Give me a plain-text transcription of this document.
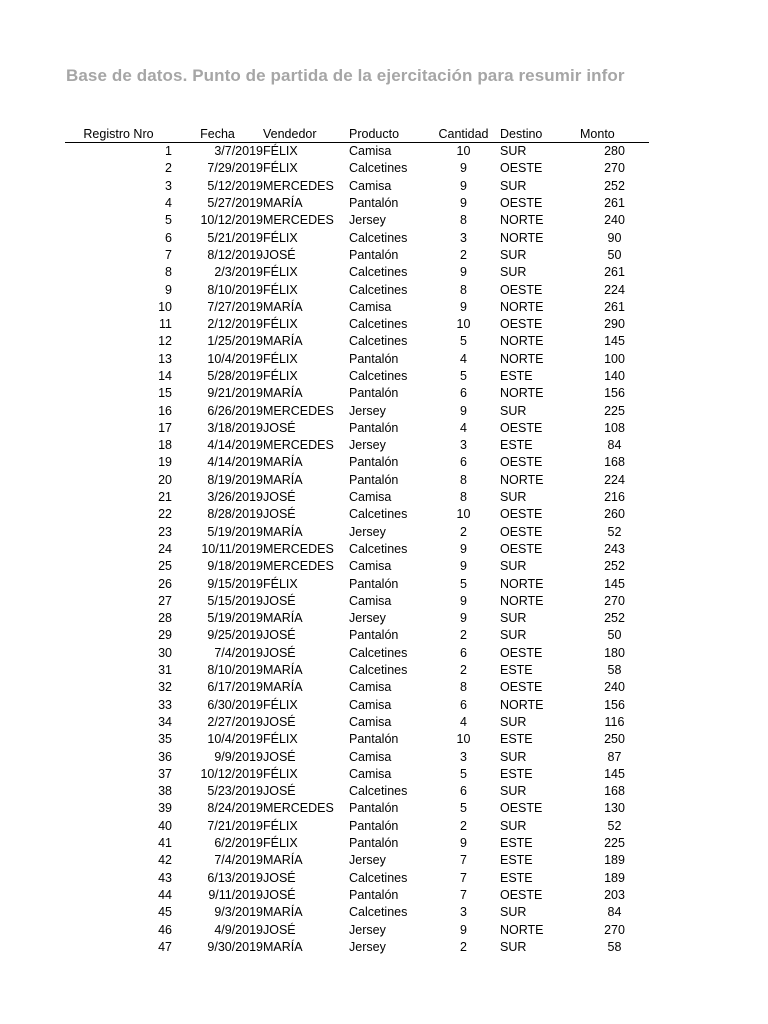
Base de datos. Punto de partida de la ejercitación para resumir infor
Registro Nro	Fecha	Vendedor	Producto	Cantidad	Destino	Monto
1	3/7/2019	FÉLIX	Camisa	10	SUR	280
2	7/29/2019	FÉLIX	Calcetines	9	OESTE	270
3	5/12/2019	MERCEDES	Camisa	9	SUR	252
4	5/27/2019	MARÍA	Pantalón	9	OESTE	261
5	10/12/2019	MERCEDES	Jersey	8	NORTE	240
6	5/21/2019	FÉLIX	Calcetines	3	NORTE	90
7	8/12/2019	JOSÉ	Pantalón	2	SUR	50
8	2/3/2019	FÉLIX	Calcetines	9	SUR	261
9	8/10/2019	FÉLIX	Calcetines	8	OESTE	224
10	7/27/2019	MARÍA	Camisa	9	NORTE	261
11	2/12/2019	FÉLIX	Calcetines	10	OESTE	290
12	1/25/2019	MARÍA	Calcetines	5	NORTE	145
13	10/4/2019	FÉLIX	Pantalón	4	NORTE	100
14	5/28/2019	FÉLIX	Calcetines	5	ESTE	140
15	9/21/2019	MARÍA	Pantalón	6	NORTE	156
16	6/26/2019	MERCEDES	Jersey	9	SUR	225
17	3/18/2019	JOSÉ	Pantalón	4	OESTE	108
18	4/14/2019	MERCEDES	Jersey	3	ESTE	84
19	4/14/2019	MARÍA	Pantalón	6	OESTE	168
20	8/19/2019	MARÍA	Pantalón	8	NORTE	224
21	3/26/2019	JOSÉ	Camisa	8	SUR	216
22	8/28/2019	JOSÉ	Calcetines	10	OESTE	260
23	5/19/2019	MARÍA	Jersey	2	OESTE	52
24	10/11/2019	MERCEDES	Calcetines	9	OESTE	243
25	9/18/2019	MERCEDES	Camisa	9	SUR	252
26	9/15/2019	FÉLIX	Pantalón	5	NORTE	145
27	5/15/2019	JOSÉ	Camisa	9	NORTE	270
28	5/19/2019	MARÍA	Jersey	9	SUR	252
29	9/25/2019	JOSÉ	Pantalón	2	SUR	50
30	7/4/2019	JOSÉ	Calcetines	6	OESTE	180
31	8/10/2019	MARÍA	Calcetines	2	ESTE	58
32	6/17/2019	MARÍA	Camisa	8	OESTE	240
33	6/30/2019	FÉLIX	Camisa	6	NORTE	156
34	2/27/2019	JOSÉ	Camisa	4	SUR	116
35	10/4/2019	FÉLIX	Pantalón	10	ESTE	250
36	9/9/2019	JOSÉ	Camisa	3	SUR	87
37	10/12/2019	FÉLIX	Camisa	5	ESTE	145
38	5/23/2019	JOSÉ	Calcetines	6	SUR	168
39	8/24/2019	MERCEDES	Pantalón	5	OESTE	130
40	7/21/2019	FÉLIX	Pantalón	2	SUR	52
41	6/2/2019	FÉLIX	Pantalón	9	ESTE	225
42	7/4/2019	MARÍA	Jersey	7	ESTE	189
43	6/13/2019	JOSÉ	Calcetines	7	ESTE	189
44	9/11/2019	JOSÉ	Pantalón	7	OESTE	203
45	9/3/2019	MARÍA	Calcetines	3	SUR	84
46	4/9/2019	JOSÉ	Jersey	9	NORTE	270
47	9/30/2019	MARÍA	Jersey	2	SUR	58
